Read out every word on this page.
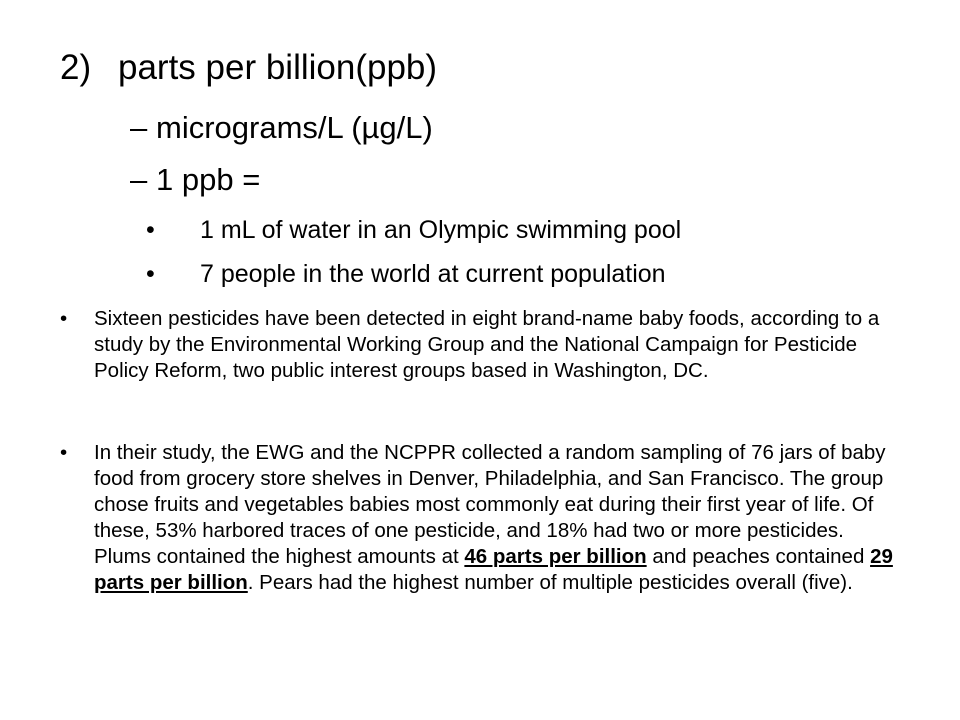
2) parts per billion(ppb)
– micrograms/L (µg/L)
– 1 ppb =
• 1 mL of water in an Olympic swimming pool
• 7 people in the world at current population
• Sixteen pesticides have been detected in eight brand-name baby foods, according to a study by the Environmental Working Group and the National Campaign for Pesticide Policy Reform, two public interest groups based in Washington, DC.
• In their study, the EWG and the NCPPR collected a random sampling of 76 jars of baby food from grocery store shelves in Denver, Philadelphia, and San Francisco. The group chose fruits and vegetables babies most commonly eat during their first year of life. Of these, 53% harbored traces of one pesticide, and 18% had two or more pesticides. Plums contained the highest amounts at 46 parts per billion and peaches contained 29 parts per billion. Pears had the highest number of multiple pesticides overall (five).
